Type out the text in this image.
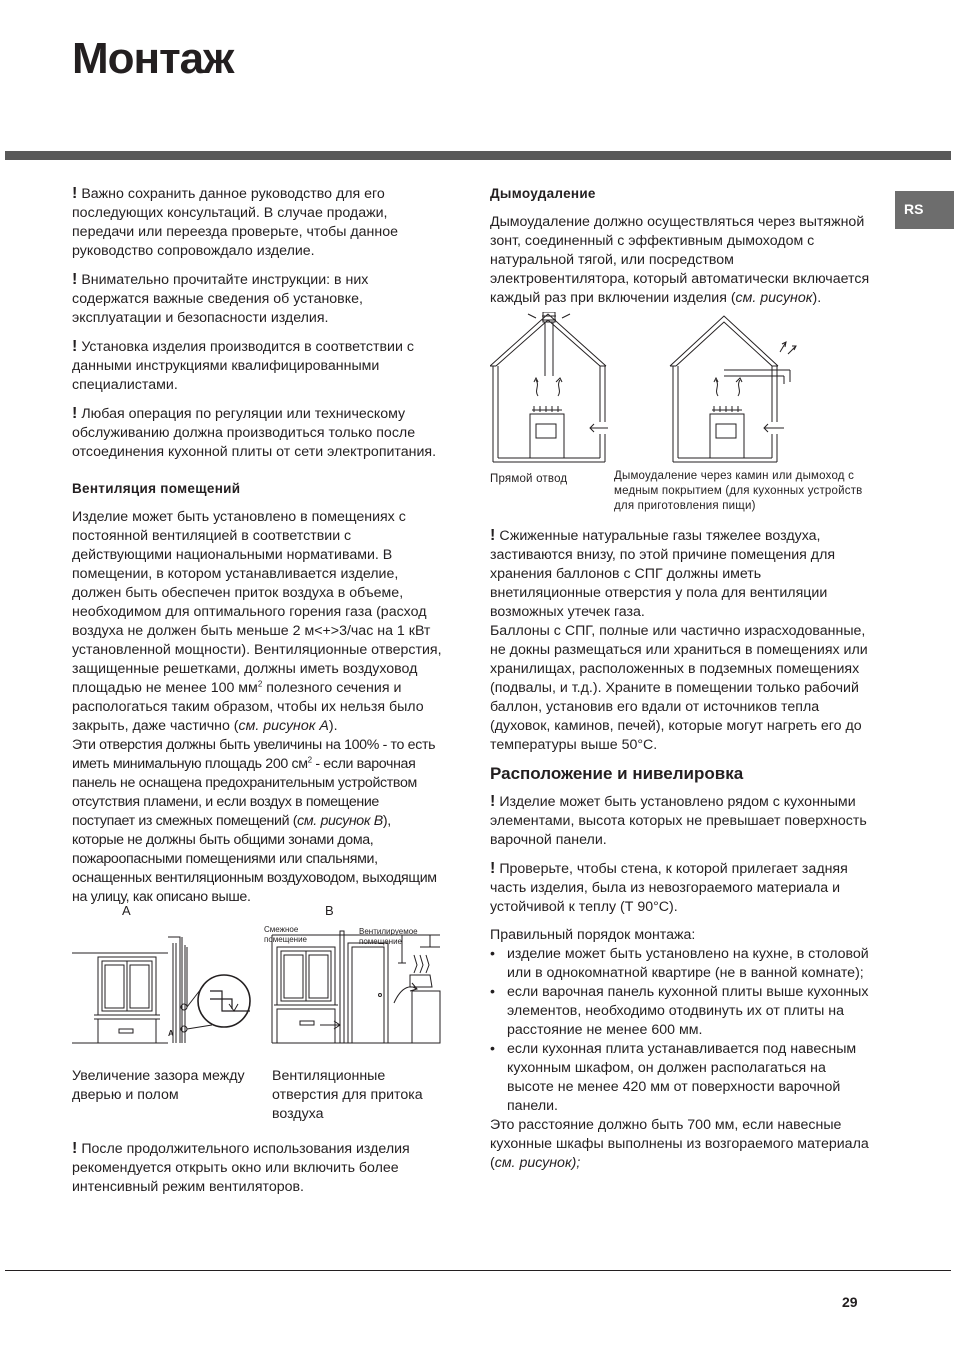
Монтаж
RS
! Важно сохранить данное руководство для его последующих консультаций. В случае продажи, передачи или переезда проверьте, чтобы данное руководство сопровождало изделие.
! Внимательно прочитайте инструкции: в них содержатся важные сведения об установке, эксплуатации и безопасности изделия.
! Установка изделия производится в соответствии с данными инструкциями квалифицированными специалистами.
! Любая операция по регуляции или техническому обслуживанию должна производиться только после отсоединения кухонной плиты от сети электропитания.
Вентиляция помещений
Изделие может быть установлено в помещениях с постоянной вентиляцией в соответствии с действующими национальными нормативами. В помещении, в котором устанавливается изделие, должен быть обеспечен приток воздуха в объеме, необходимом для оптимального горения газа (расход воздуха не должен быть меньше 2 м<+>3/час на 1 кВт установленной мощности). Вентиляционные отверстия, защищенные решетками, должны иметь воздуховод площадью не менее 100 $мм^2$ полезного сечения и распологаться таким образом, чтобы их нельзя было закрыть, даже частично (см. рисунок А).
Эти отверстия должны быть увеличины на 100% - то есть иметь минимальную площадь 200 $см^2$ - если варочная панель не оснащена предохранительным устройством отсутствия пламени, и если воздух в помещение поступает из смежных помещений (см. рисунок В), которые не должны быть общими зонами дома, пожароопасными помещениями или спальнями, оснащенных вентиляционным воздуховодом, выходящим на улицу, как описано выше.
A	B
Смежное помещение
Вентилируемое помещение
A
Увеличение зазора между дверью и полом
Вентиляционные отверстия для притока воздуха
! После продолжительного использования изделия рекомендуется открыть окно или включить более интенсивный режим вентиляторов.
Дымоудаление
Дымоудаление должно осуществляться через вытяжной зонт, соединенный с эффективным дымоходом с натуральной тягой, или посредством электровентилятора, который автоматически включается каждый раз при включении изделия (см. рисунок).
Прямой отвод	Дымоудаление через камин или дымоход с медным покрытием (для кухонных устройств для приготовления пищи)
! Сжиженные натуральные газы тяжелее воздуха, застиваются внизу, по этой причине помещения для хранения баллонов с СПГ должны иметь внетиляционные отверстия у пола для вентиляции возможных утечек газа.
Баллоны с СПГ, полные или частично израсходованные, не докны размещаться или храниться в помещениях или хранилищах, расположенных в подземных помещениях (подвалы, и т.д.). Храните в помещении только рабочий баллон, установив его вдали от источников тепла (духовок, каминов, печей), которые могут нагреть его до температуры выше 50°С.
Расположение и нивелировка
! Изделие может быть установлено рядом с кухонными элементами, высота которых не превышает поверхность варочной панели.
! Проверьте, чтобы стена, к которой прилегает задняя часть изделия, была из невозгораемого материала и устойчивой к теплу (Т 90°С).
Правильный порядок монтажа:
• изделие может быть установлено на кухне, в столовой или в однокомнатной квартире (не в ванной комнате);
• если варочная панель кухонной плиты выше кухонных элементов, необходимо отодвинуть их от плиты на расстояние не менее 600 мм.
• если кухонная плита устанавливается под навесным кухонным шкафом, он должен располагаться на высоте не менее 420 мм от поверхности варочной панели.
Это расстояние должно быть 700 мм, если навесные кухонные шкафы выполнены из возгораемого материала (см. рисунок);
29
